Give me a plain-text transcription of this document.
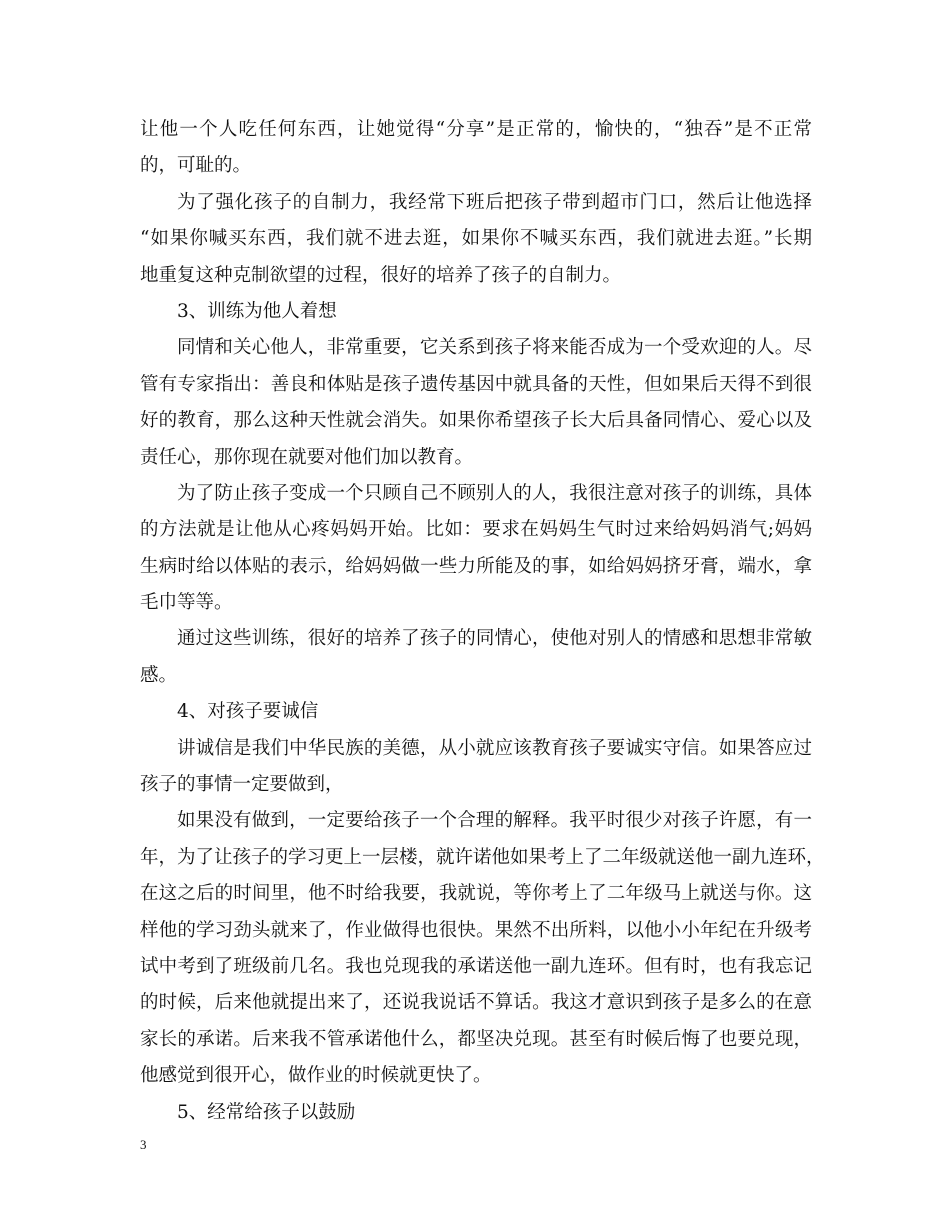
让他一个人吃任何东西，让她觉得“分享”是正常的，愉快的，“独吞”是不正常
的，可耻的。
为了强化孩子的自制力，我经常下班后把孩子带到超市门口，然后让他选择
“如果你喊买东西，我们就不进去逛，如果你不喊买东西，我们就进去逛。”长期
地重复这种克制欲望的过程，很好的培养了孩子的自制力。
3、训练为他人着想
同情和关心他人，非常重要，它关系到孩子将来能否成为一个受欢迎的人。尽
管有专家指出：善良和体贴是孩子遗传基因中就具备的天性，但如果后天得不到很
好的教育，那么这种天性就会消失。如果你希望孩子长大后具备同情心、爱心以及
责任心，那你现在就要对他们加以教育。
为了防止孩子变成一个只顾自己不顾别人的人，我很注意对孩子的训练，具体
的方法就是让他从心疼妈妈开始。比如：要求在妈妈生气时过来给妈妈消气;妈妈
生病时给以体贴的表示，给妈妈做一些力所能及的事，如给妈妈挤牙膏，端水，拿
毛巾等等。
通过这些训练，很好的培养了孩子的同情心，使他对别人的情感和思想非常敏
感。
4、对孩子要诚信
讲诚信是我们中华民族的美德，从小就应该教育孩子要诚实守信。如果答应过
孩子的事情一定要做到，
如果没有做到，一定要给孩子一个合理的解释。我平时很少对孩子许愿，有一
年，为了让孩子的学习更上一层楼，就许诺他如果考上了二年级就送他一副九连环，
在这之后的时间里，他不时给我要，我就说，等你考上了二年级马上就送与你。这
样他的学习劲头就来了，作业做得也很快。果然不出所料，以他小小年纪在升级考
试中考到了班级前几名。我也兑现我的承诺送他一副九连环。但有时，也有我忘记
的时候，后来他就提出来了，还说我说话不算话。我这才意识到孩子是多么的在意
家长的承诺。后来我不管承诺他什么，都坚决兑现。甚至有时候后悔了也要兑现，
他感觉到很开心，做作业的时候就更快了。
5、经常给孩子以鼓励
3
